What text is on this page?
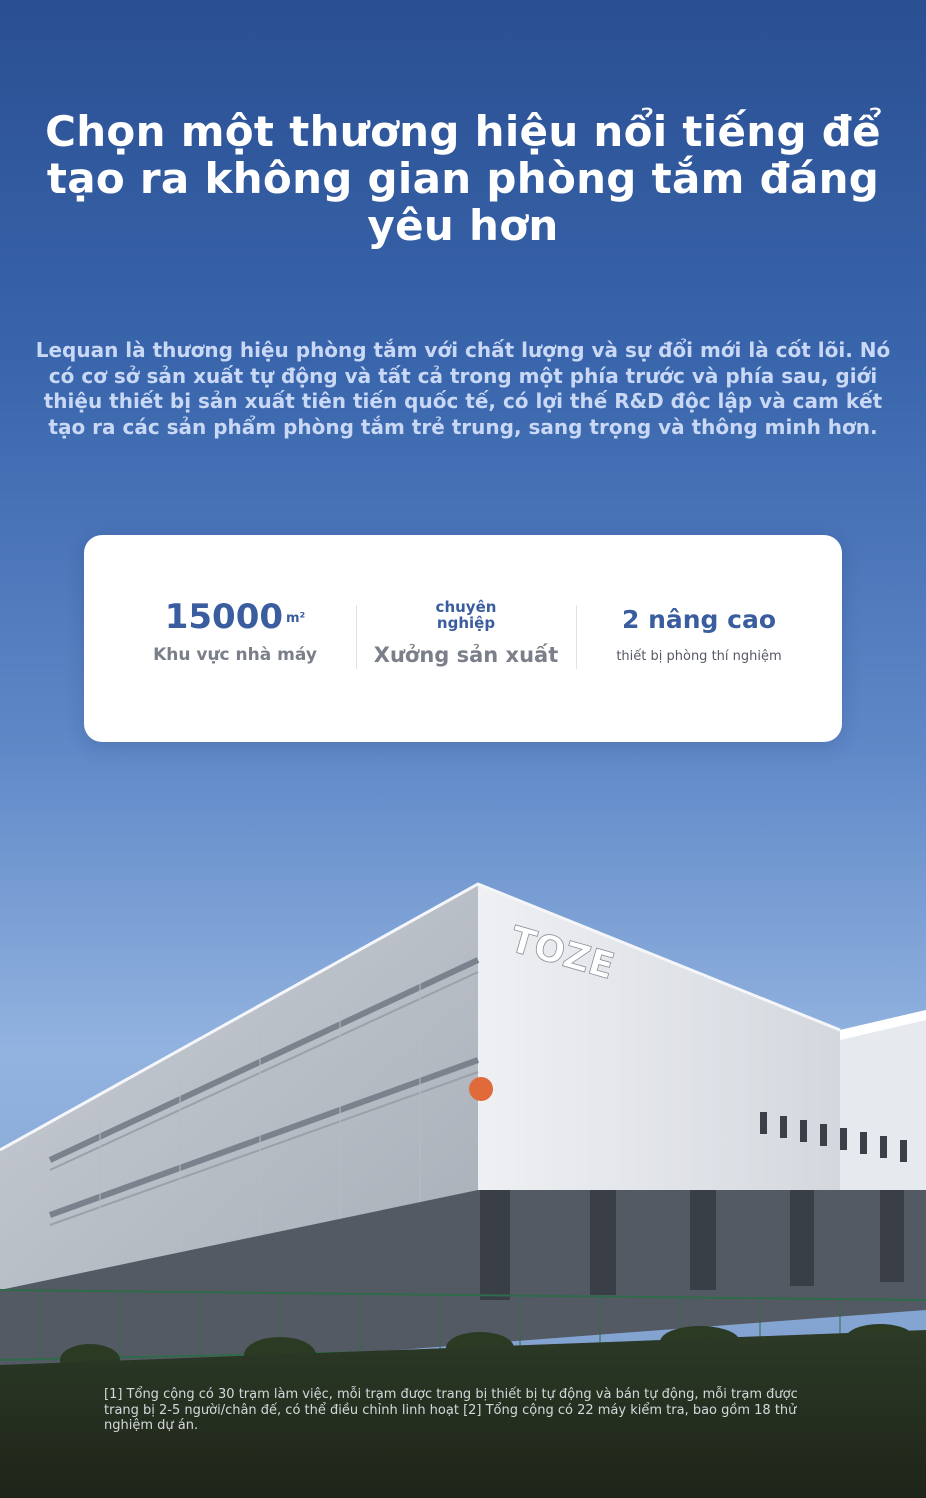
Chọn một thương hiệu nổi tiếng để tạo ra không gian phòng tắm đáng yêu hơn

Lequan là thương hiệu phòng tắm với chất lượng và sự đổi mới là cốt lõi. Nó có cơ sở sản xuất tự động và tất cả trong một phía trước và phía sau, giới thiệu thiết bị sản xuất tiên tiến quốc tế, có lợi thế R&D độc lập và cam kết tạo ra các sản phẩm phòng tắm trẻ trung, sang trọng và thông minh hơn.

15000 $^{m^2}$
Khu vực nhà máy
chuyên nghiệp
Xưởng sản xuất
2 nâng cao
thiết bị phòng thí nghiệm
TOZE

[1] Tổng cộng có 30 trạm làm việc, mỗi trạm được trang bị thiết bị tự động và bán tự động, mỗi trạm được trang bị 2-5 người/chân đế, có thể điều chỉnh linh hoạt [2] Tổng cộng có 22 máy kiểm tra, bao gồm 18 thử nghiệm dự án.
